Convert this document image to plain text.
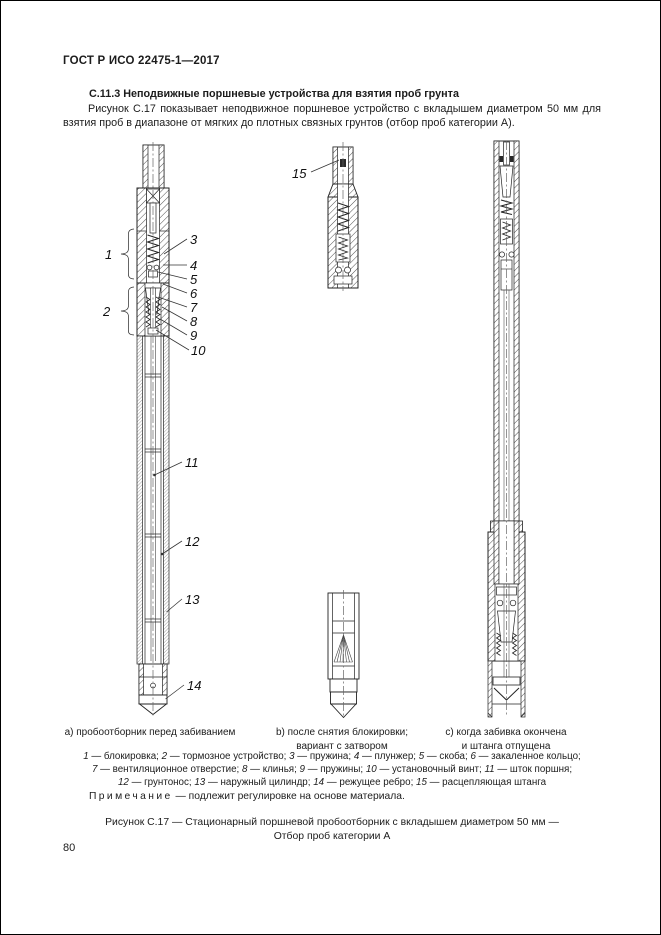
ГОСТ Р ИСО 22475-1—2017
С.11.3 Неподвижные поршневые устройства для взятия проб грунта
Рисунок С.17 показывает неподвижное поршневое устройство с вкладышем диаметром 50 мм для взятия проб в диапазоне от мягких до плотных связных грунтов (отбор проб категории А).
1
2
3
4
5
6
7
8
9
10
11
12
13
14
15
а) пробоотборник перед забиванием	b) после снятия блокировки;
вариант с затвором
с) когда забивка окончена
и штанга отпущена
1 — блокировка; 2 — тормозное устройство; 3 — пружина; 4 — плунжер; 5 — скоба; 6 — закаленное кольцо;
7 — вентиляционное отверстие; 8 — клинья; 9 — пружины; 10 — установочный винт; 11 — шток поршня;
12 — грунтонос; 13 — наружный цилиндр; 14 — режущее ребро; 15 — расцепляющая штанга
Примечание — подлежит регулировке на основе материала.
Рисунок С.17 — Стационарный поршневой пробоотборник с вкладышем диаметром 50 мм —
Отбор проб категории А
80
